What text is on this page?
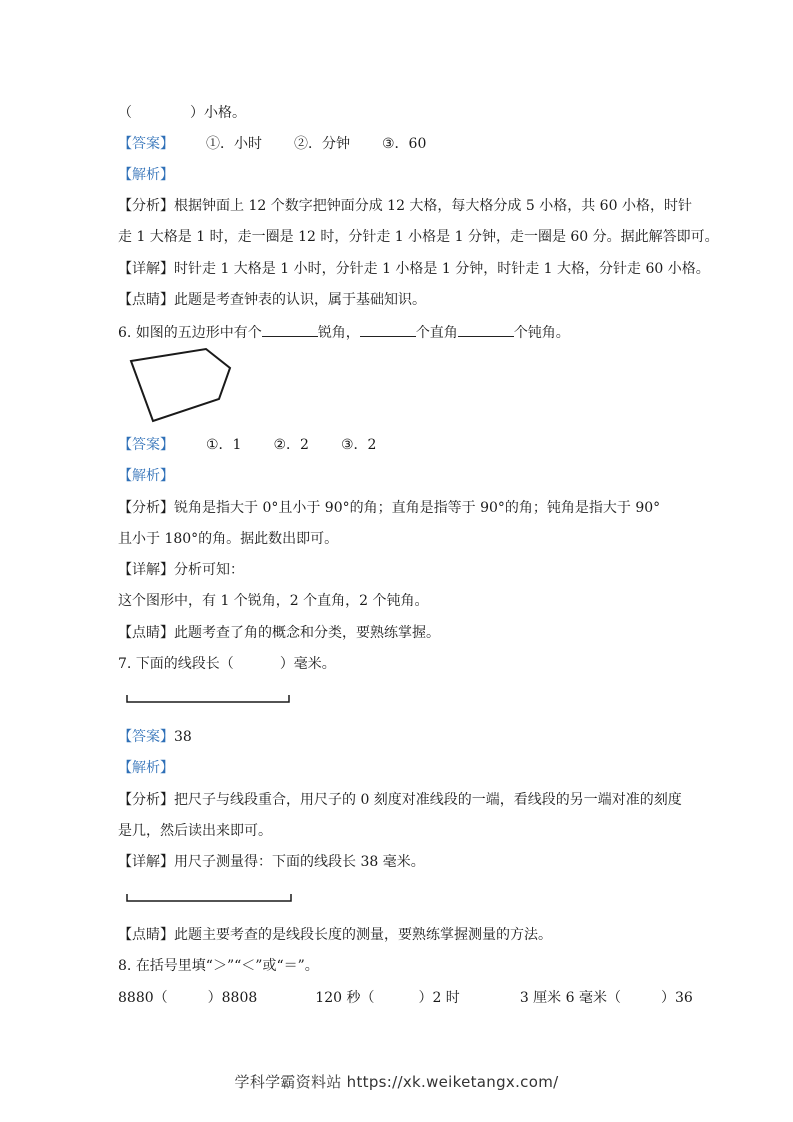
（	）小格。
【答案】 ①．小时 ②．分钟 ③．60
【解析】
【分析】根据钟面上 12 个数字把钟面分成 12 大格，每大格分成 5 小格，共 60 小格，时针
走 1 大格是 1 时，走一圈是 12 时，分针走 1 小格是 1 分钟，走一圈是 60 分。据此解答即可。
【详解】时针走 1 大格是 1 小时，分针走 1 小格是 1 分钟，时针走 1 大格，分针走 60 小格。
【点睛】此题是考查钟表的认识，属于基础知识。
6. 如图的五边形中有个	锐角，	个直角	个钝角。
【答案】 ①．1 ②．2 ③．2
【解析】
【分析】锐角是指大于 0°且小于 90°的角；直角是指等于 90°的角；钝角是指大于 90°
且小于 180°的角。据此数出即可。
【详解】分析可知：
这个图形中，有 1 个锐角，2 个直角，2 个钝角。
【点睛】此题考查了角的概念和分类，要熟练掌握。
7. 下面的线段长（	）毫米。
【答案】38
【解析】
【分析】把尺子与线段重合，用尺子的 0 刻度对准线段的一端，看线段的另一端对准的刻度
是几，然后读出来即可。
【详解】用尺子测量得：下面的线段长 38 毫米。
【点睛】此题主要考查的是线段长度的测量，要熟练掌握测量的方法。
8. 在括号里填“＞”“＜”或“＝”。
8880（	）8808	120 秒（	）2 时	3 厘米 6 毫米（	）36
学科学霸资料站 https://xk.weiketangx.com/
